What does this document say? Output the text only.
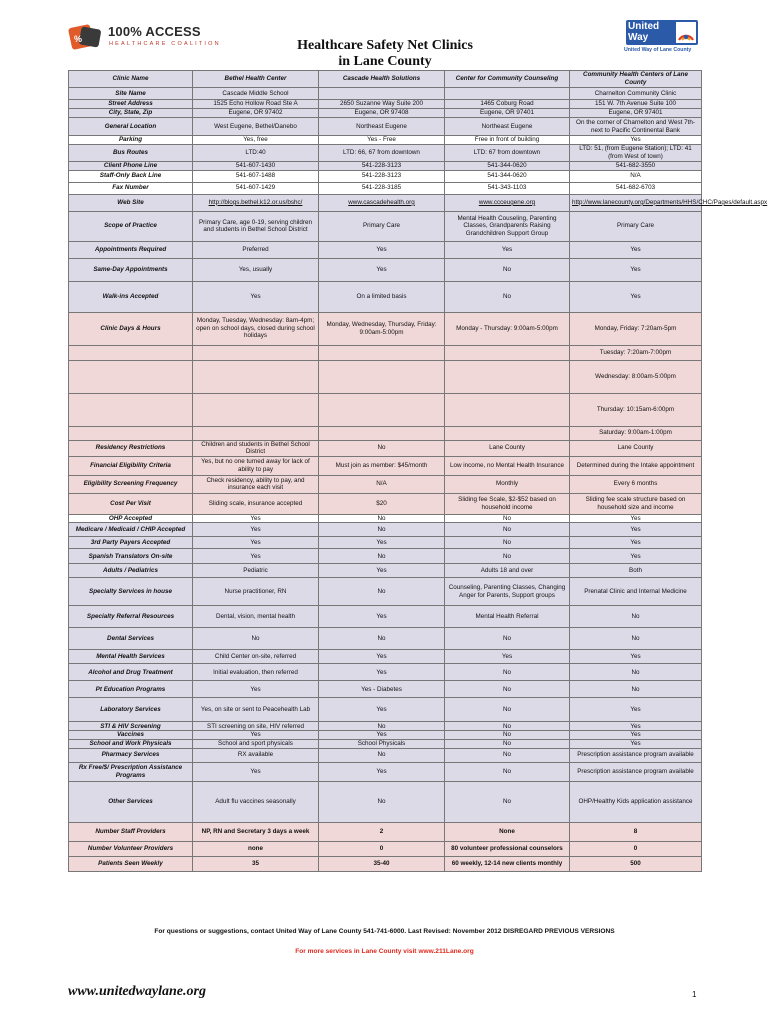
% 100% ACCESS
HEALTHCARE COALITION	Healthcare Safety Net Clinics
in Lane County
United Way
United Way of Lane County
Clinic Name	Bethel Health Center	Cascade Health Solutions	Center for Community Counseling	Community Health Centers of Lane County
Site Name	Cascade Middle School			Charnelton Community Clinic
Street Address	1525 Echo Hollow Road Ste A	2650 Suzanne Way Suite 200	1465 Coburg Road	151 W. 7th Avenue Suite 100
City, State, Zip	Eugene, OR 97402	Eugene, OR 97408	Eugene, OR 97401	Eugene, OR 97401
General Location	West Eugene, Bethel/Danebo	Northeast Eugene	Northeast Eugene	On the corner of Charnelton and West 7th-next to Pacific Continental Bank
Parking	Yes, free	Yes - Free	Free in front of building	Yes
Bus Routes	LTD:40	LTD: 66, 67 from downtown	LTD: 67 from downtown	LTD: 51, (from Eugene Station); LTD: 41 (from West of town)
Client Phone Line	541-607-1430	541-228-3123	541-344-0620	541-682-3550
Staff-Only Back Line	541-607-1488	541-228-3123	541-344-0620	N/A
Fax Number	541-607-1429	541-228-3185	541-343-1103	541-682-6703
Web Site	http://blogs.bethel.k12.or.us/bshc/	www.cascadehealth.org	www.ccceugene.org	http://www.lanecounty.org/Departments/HHS/CHC/Pages/default.aspx
Scope of Practice	Primary Care, age 0-19, serving children and students in Bethel School District	Primary Care	Mental Health Couseling, Parenting Classes, Grandparents Raising Grandchildren Support Group	Primary Care
Appointments Required	Preferred	Yes	Yes	Yes
Same-Day Appointments	Yes, usually	Yes	No	Yes
Walk-ins Accepted	Yes	On a limited basis	No	Yes
Clinic Days & Hours	Monday, Tuesday, Wednesday: 8am-4pm; open on school days, closed during school holidays	Monday, Wednesday, Thursday, Friday: 9:00am-5:00pm	Monday - Thursday: 9:00am-5:00pm	Monday, Friday: 7:20am-5pm
				Tuesday: 7:20am-7:00pm
				Wednesday: 8:00am-5:00pm
				Thursday: 10:15am-6:00pm
				Saturday: 9:00am-1:00pm
Residency Restrictions	Children and students in Bethel School District	No	Lane County	Lane County
Financial Eligibility Criteria	Yes, but no one turned away for lack of ability to pay	Must join as member: $45/month	Low income, no Mental Health Insurance	Determined during the Intake appointment
Eligibility Screening Frequency	Check residency, ability to pay, and insurance each visit	N/A	Monthly	Every 6 months
Cost Per Visit	Sliding scale, insurance accepted	$20	Sliding fee Scale, $2-$52 based on household income	Sliding fee scale structure based on household size and income
OHP Accepted	Yes	No	No	Yes
Medicare / Medicaid / CHIP Accepted	Yes	No	No	Yes
3rd Party Payers Accepted	Yes	Yes	No	Yes
Spanish Translators On-site	Yes	No	No	Yes
Adults / Pediatrics	Pediatric	Yes	Adults 18 and over	Both
Specialty Services in house	Nurse practitioner, RN	No	Counseling, Parenting Classes, Changing Anger for Parents, Support groups	Prenatal Clinic and Internal Medicine
Specialty Referral Resources	Dental, vision, mental health	Yes	Mental Health Referral	No
Dental Services	No	No	No	No
Mental Health Services	Child Center on-site, referred	Yes	Yes	Yes
Alcohol and Drug Treatment	Initial evaluation, then referred	Yes	No	No
Pt Education Programs	Yes	Yes - Diabetes	No	No
Laboratory Services	Yes, on site or sent to Peacehealth Lab	Yes	No	Yes
STI & HIV Screening	STI screening on site, HIV referred	No	No	Yes
Vaccines	Yes	Yes	No	Yes
School and Work Physicals	School and sport physicals	School Physicals	No	Yes
Pharmacy Services	RX available	No	No	Prescription assistance program available
Rx Free/$/ Prescription Assistance Programs	Yes	Yes	No	Prescription assistance program available
Other Services	Adult flu vaccines seasonally	No	No	OHP/Healthy Kids application assistance
Number Staff Providers	NP, RN and Secretary 3 days a week	2	None	8
Number Volunteer Providers	none	0	80 volunteer professional counselors	0
Patients Seen Weekly	35	35-40	60 weekly, 12-14 new clients monthly	500
For questions or suggestions, contact United Way of Lane County 541-741-6000. Last Revised: November 2012 DISREGARD PREVIOUS VERSIONS
For more services in Lane County visit www.211Lane.org
www.unitedwaylane.org	1
